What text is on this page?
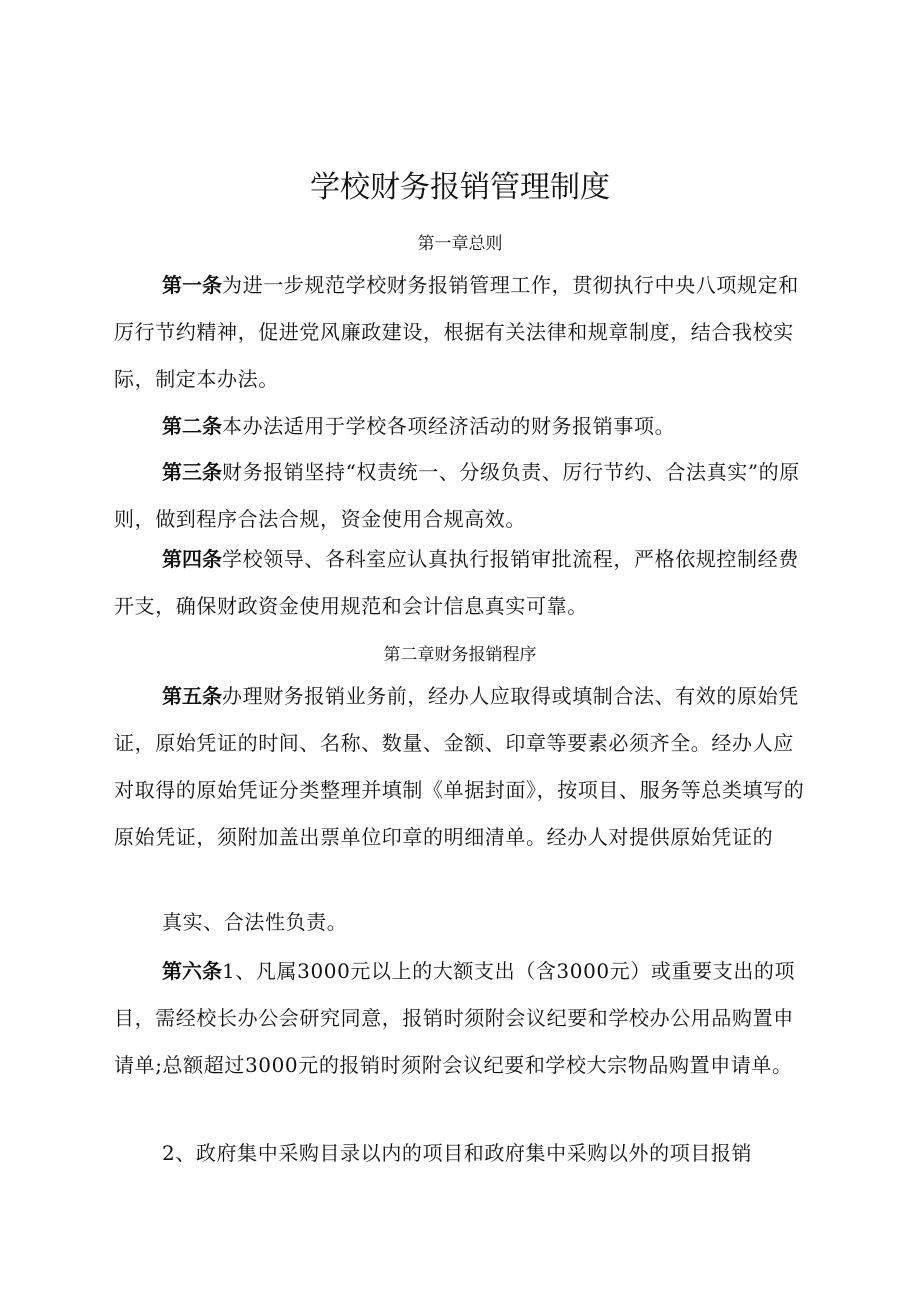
学校财务报销管理制度
第一章总则

第一条为进一步规范学校财务报销管理工作，贯彻执行中央八项规定和厉行节约精神，促进党风廉政建设，根据有关法律和规章制度，结合我校实际，制定本办法。

第二条本办法适用于学校各项经济活动的财务报销事项。

第三条财务报销坚持“权责统一、分级负责、厉行节约、合法真实”的原则，做到程序合法合规，资金使用合规高效。

第四条学校领导、各科室应认真执行报销审批流程，严格依规控制经费开支，确保财政资金使用规范和会计信息真实可靠。

第二章财务报销程序

第五条办理财务报销业务前，经办人应取得或填制合法、有效的原始凭证，原始凭证的时间、名称、数量、金额、印章等要素必须齐全。经办人应对取得的原始凭证分类整理并填制《单据封面》，按项目、服务等总类填写的原始凭证，须附加盖出票单位印章的明细清单。经办人对提供原始凭证的

真实、合法性负责。

第六条1、凡属3000元以上的大额支出（含3000元）或重要支出的项目，需经校长办公会研究同意，报销时须附会议纪要和学校办公用品购置申请单;总额超过3000元的报销时须附会议纪要和学校大宗物品购置申请单。

2、政府集中采购目录以内的项目和政府集中采购以外的项目报销
